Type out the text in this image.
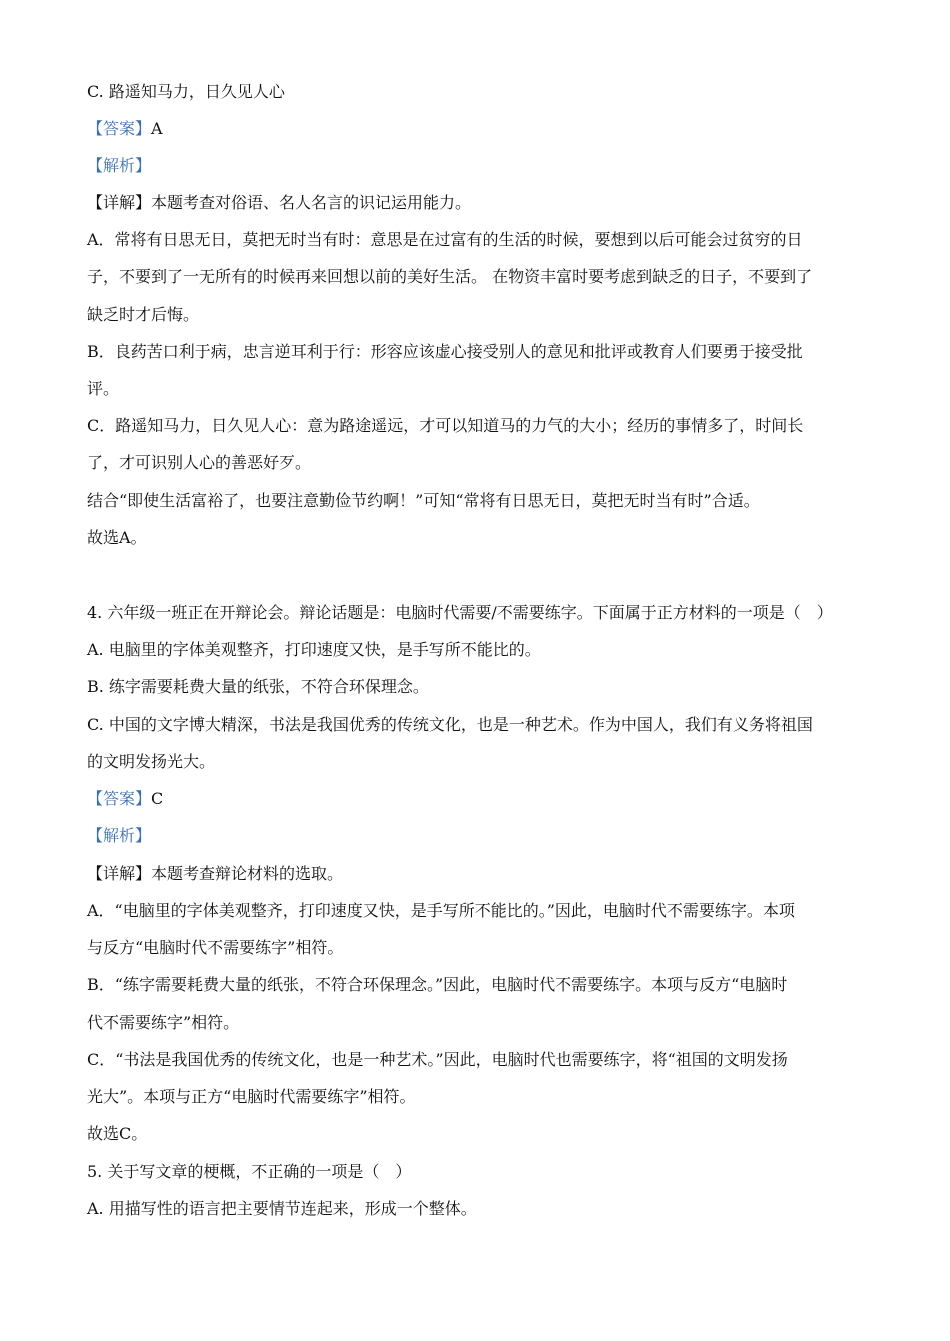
C. 路遥知马力，日久见人心
【答案】A
【解析】
【详解】本题考查对俗语、名人名言的识记运用能力。
A．常将有日思无日，莫把无时当有时：意思是在过富有的生活的时候，要想到以后可能会过贫穷的日
子，不要到了一无所有的时候再来回想以前的美好生活。 在物资丰富时要考虑到缺乏的日子，不要到了
缺乏时才后悔。
B．良药苦口利于病，忠言逆耳利于行：形容应该虚心接受别人的意见和批评或教育人们要勇于接受批
评。
C．路遥知马力，日久见人心：意为路途遥远，才可以知道马的力气的大小；经历的事情多了，时间长
了，才可识别人心的善恶好歹。
结合“即使生活富裕了，也要注意勤俭节约啊！”可知“常将有日思无日，莫把无时当有时”合适。
故选A。
4. 六年级一班正在开辩论会。辩论话题是：电脑时代需要/不需要练字。下面属于正方材料的一项是（　）
A. 电脑里的字体美观整齐，打印速度又快，是手写所不能比的。
B. 练字需要耗费大量的纸张，不符合环保理念。
C. 中国的文字博大精深，书法是我国优秀的传统文化，也是一种艺术。作为中国人，我们有义务将祖国
的文明发扬光大。
【答案】C
【解析】
【详解】本题考查辩论材料的选取。
A．“电脑里的字体美观整齐，打印速度又快，是手写所不能比的。”因此，电脑时代不需要练字。本项
与反方“电脑时代不需要练字”相符。
B．“练字需要耗费大量的纸张，不符合环保理念。”因此，电脑时代不需要练字。本项与反方“电脑时
代不需要练字”相符。
C．“书法是我国优秀的传统文化，也是一种艺术。”因此，电脑时代也需要练字，将“祖国的文明发扬
光大”。本项与正方“电脑时代需要练字”相符。
故选C。
5. 关于写文章的梗概，不正确的一项是（　）
A. 用描写性的语言把主要情节连起来，形成一个整体。
